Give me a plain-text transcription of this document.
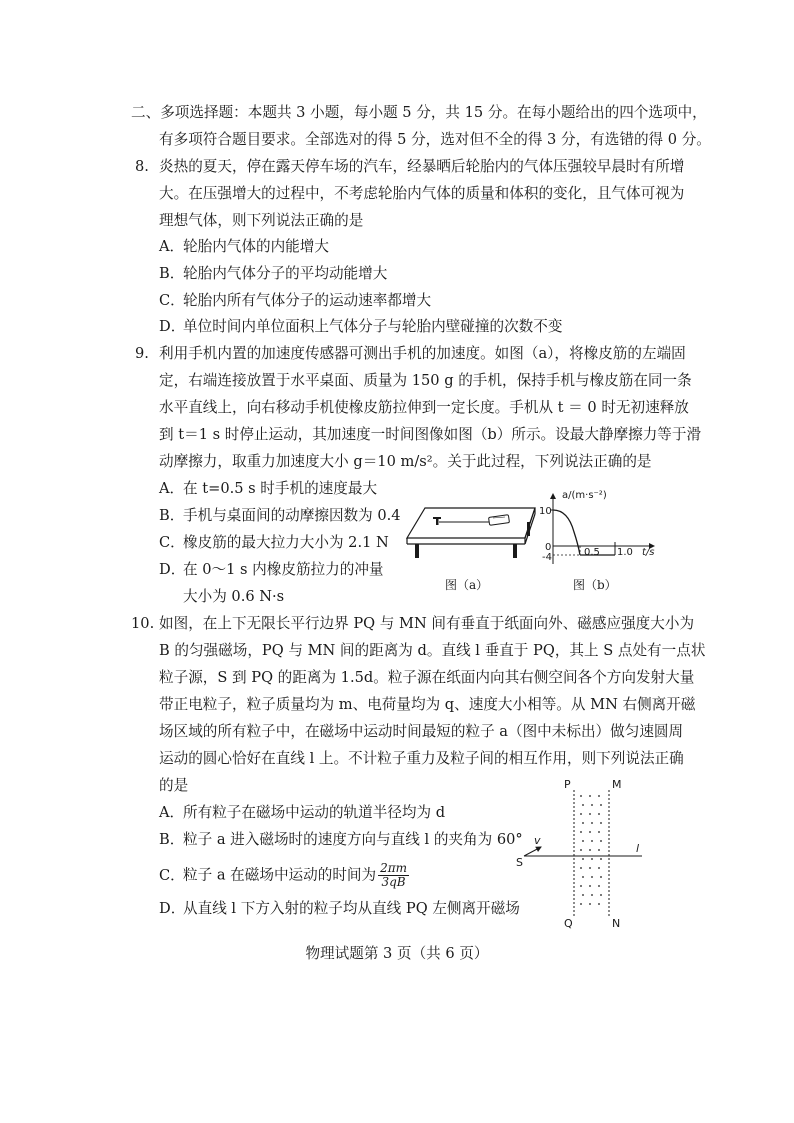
二、多项选择题：本题共 3 小题，每小题 5 分，共 15 分。在每小题给出的四个选项中，
有多项符合题目要求。全部选对的得 5 分，选对但不全的得 3 分，有选错的得 0 分。
8. 炎热的夏天，停在露天停车场的汽车，经暴晒后轮胎内的气体压强较早晨时有所增
大。在压强增大的过程中，不考虑轮胎内气体的质量和体积的变化，且气体可视为
理想气体，则下列说法正确的是
A．轮胎内气体的内能增大
B．轮胎内气体分子的平均动能增大
C．轮胎内所有气体分子的运动速率都增大
D．单位时间内单位面积上气体分子与轮胎内壁碰撞的次数不变
9. 利用手机内置的加速度传感器可测出手机的加速度。如图（a），将橡皮筋的左端固
定，右端连接放置于水平桌面、质量为 150 g 的手机，保持手机与橡皮筋在同一条
水平直线上，向右移动手机使橡皮筋拉伸到一定长度。手机从 t ＝ 0 时无初速释放
到 t＝1 s 时停止运动，其加速度一时间图像如图（b）所示。设最大静摩擦力等于滑
动摩擦力，取重力加速度大小 g＝10 m/s²。关于此过程，下列说法正确的是
A．在 t=0.5 s 时手机的速度最大
B．手机与桌面间的动摩擦因数为 0.4
C．橡皮筋的最大拉力大小为 2.1 N
D．在 0～1 s 内橡皮筋拉力的冲量
大小为 0.6 N·s
图（a）
10
0
-4	0.5 1.0 t/s
a/(m·s⁻²)
图（b）
10. 如图，在上下无限长平行边界 PQ 与 MN 间有垂直于纸面向外、磁感应强度大小为
B 的匀强磁场，PQ 与 MN 间的距离为 d。直线 l 垂直于 PQ，其上 S 点处有一点状
粒子源，S 到 PQ 的距离为 1.5d。粒子源在纸面内向其右侧空间各个方向发射大量
带正电粒子，粒子质量均为 m、电荷量均为 q、速度大小相等。从 MN 右侧离开磁
场区域的所有粒子中，在磁场中运动时间最短的粒子 a（图中未标出）做匀速圆周
运动的圆心恰好在直线 l 上。不计粒子重力及粒子间的相互作用，则下列说法正确
的是
A．所有粒子在磁场中运动的轨道半径均为 d
B．粒子 a 进入磁场时的速度方向与直线 l 的夹角为 60°
C．粒子 a 在磁场中运动的时间为 $\frac{2\pi m}{3qB}$
D．从直线 l 下方入射的粒子均从直线 PQ 左侧离开磁场
P	M
Q	N
S
l
v
物理试题第 3 页（共 6 页）
